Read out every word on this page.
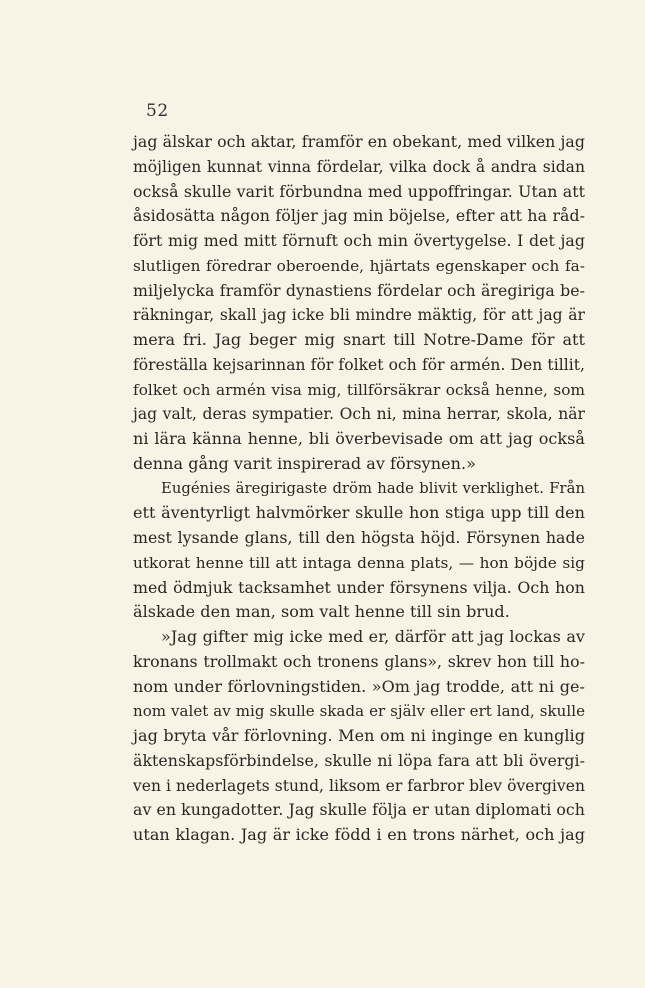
52
jag älskar och aktar, framför en obekant, med vilken jag
möjligen kunnat vinna fördelar, vilka dock å andra sidan
också skulle varit förbundna med uppoffringar. Utan att
åsidosätta någon följer jag min böjelse, efter att ha råd-
fört mig med mitt förnuft och min övertygelse. I det jag
slutligen föredrar oberoende, hjärtats egenskaper och fa-
miljelycka framför dynastiens fördelar och äregiriga be-
räkningar, skall jag icke bli mindre mäktig, för att jag är
mera fri. Jag beger mig snart till Notre-Dame för att
föreställa kejsarinnan för folket och för armén. Den tillit,
folket och armén visa mig, tillförsäkrar också henne, som
jag valt, deras sympatier. Och ni, mina herrar, skola, när
ni lära känna henne, bli överbevisade om att jag också
denna gång varit inspirerad av försynen.»
Eugénies äregirigaste dröm hade blivit verklighet. Från
ett äventyrligt halvmörker skulle hon stiga upp till den
mest lysande glans, till den högsta höjd. Försynen hade
utkorat henne till att intaga denna plats, — hon böjde sig
med ödmjuk tacksamhet under försynens vilja. Och hon
älskade den man, som valt henne till sin brud.
»Jag gifter mig icke med er, därför att jag lockas av
kronans trollmakt och tronens glans», skrev hon till ho-
nom under förlovningstiden. »Om jag trodde, att ni ge-
nom valet av mig skulle skada er själv eller ert land, skulle
jag bryta vår förlovning. Men om ni inginge en kunglig
äktenskapsförbindelse, skulle ni löpa fara att bli övergi-
ven i nederlagets stund, liksom er farbror blev övergiven
av en kungadotter. Jag skulle följa er utan diplomati och
utan klagan. Jag är icke född i en trons närhet, och jag
